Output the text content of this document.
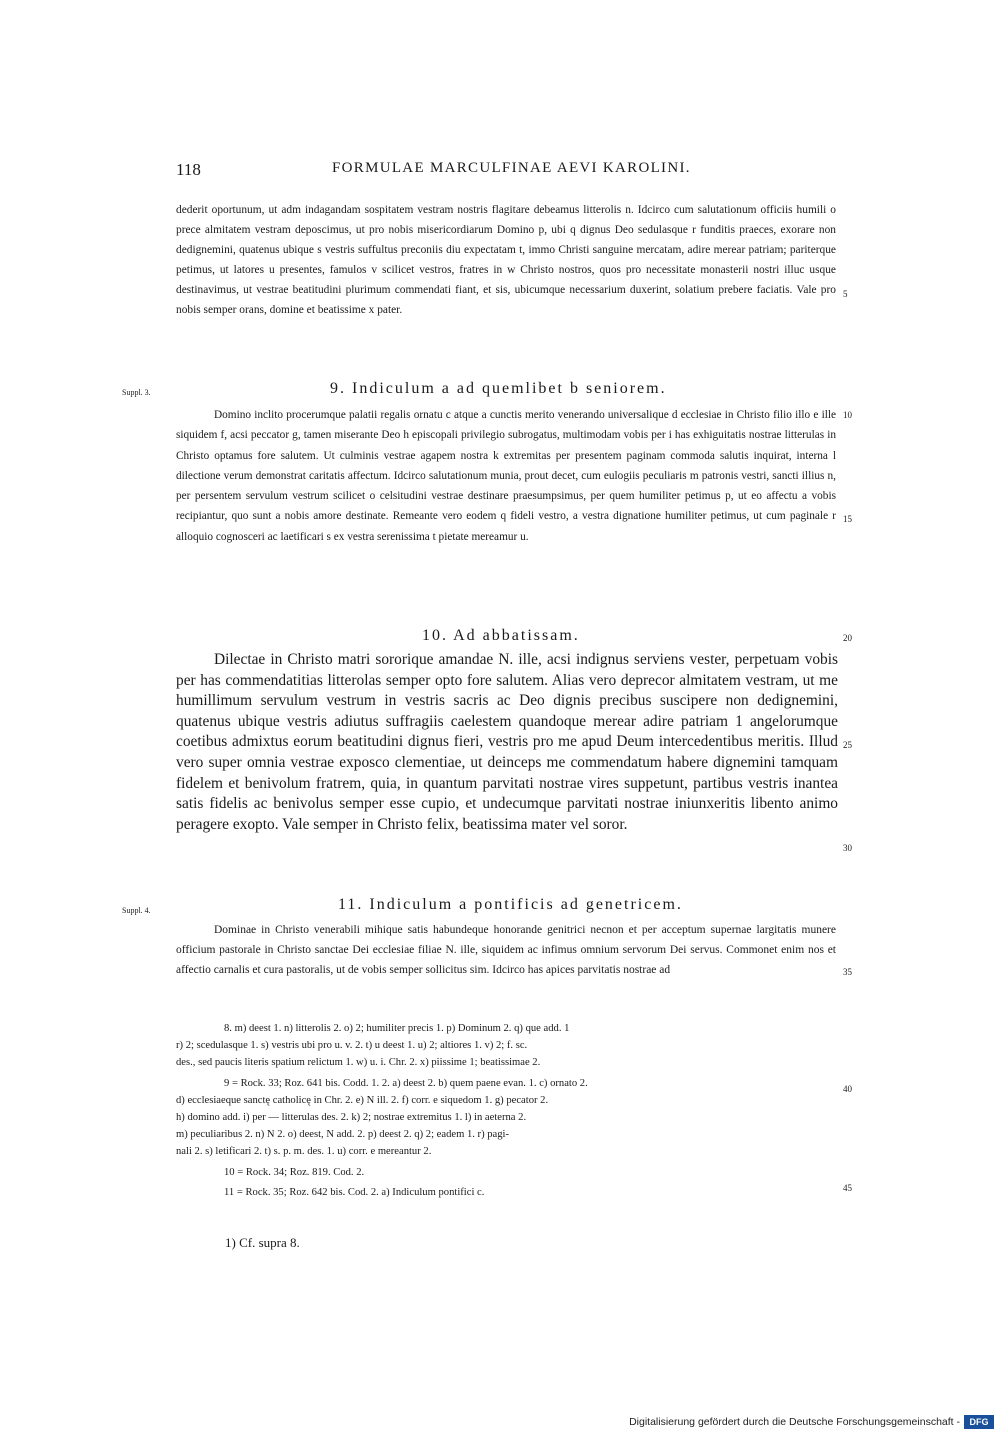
118	FORMULAE MARCULFINAE AEVI KAROLINI.

dederit oportunum, ut adm indagandam sospitatem vestram nostris flagitare debeamus litterolis n. Idcirco cum salutationum officiis humili o prece almitatem vestram deposcimus, ut pro nobis misericordiarum Domino p, ubi q dignus Deo sedulasque r funditis praeces, exorare non dedignemini, quatenus ubique s vestris suffultus preconiis diu expectatam t, immo Christi sanguine mercatam, adire merear patriam; pariterque petimus, ut latores u presentes, famulos v scilicet vestros, fratres in w Christo nostros, quos pro necessitate monasterii nostri illuc usque destinavimus, ut vestrae beatitudini plurimum commendati fiant, et sis, ubicumque necessarium duxerint, solatium prebere faciatis. Vale pro nobis semper orans, domine et beatissime x pater.

5
Suppl. 3.	9. Indiculum a ad quemlibet b seniorem.

Domino inclito procerumque palatii regalis ornatu c atque a cunctis merito venerando universalique d ecclesiae in Christo filio illo e ille siquidem f, acsi peccator g, tamen miserante Deo h episcopali privilegio subrogatus, multimodam vobis per i has exhiguitatis nostrae litterulas in Christo optamus fore salutem. Ut culminis vestrae agapem nostra k extremitas per presentem paginam commoda salutis inquirat, interna l dilectione verum demonstrat caritatis affectum. Idcirco salutationum munia, prout decet, cum eulogiis peculiaris m patronis vestri, sancti illius n, per persentem servulum vestrum scilicet o celsitudini vestrae destinare praesumpsimus, per quem humiliter petimus p, ut eo affectu a vobis recipiantur, quo sunt a nobis amore destinate. Remeante vero eodem q fideli vestro, a vestra dignatione humiliter petimus, ut cum paginale r alloquio cognosceri ac laetificari s ex vestra serenissima t pietate mereamur u.

10
15
10. Ad abbatissam.	20

Dilectae in Christo matri sororique amandae N. ille, acsi indignus serviens vester, perpetuam vobis per has commendatitias litterolas semper opto fore salutem. Alias vero deprecor almitatem vestram, ut me humillimum servulum vestrum in vestris sacris ac Deo dignis precibus suscipere non dedignemini, quatenus ubique vestris adiutus suffragiis caelestem quandoque merear adire patriam 1 angelorumque coetibus admixtus eorum beatitudini dignus fieri, vestris pro me apud Deum intercedentibus meritis. Illud vero super omnia vestrae exposco clementiae, ut deinceps me commendatum habere dignemini tamquam fidelem et benivolum fratrem, quia, in quantum parvitati nostrae vires suppetunt, partibus vestris inantea satis fidelis ac benivolus semper esse cupio, et undecumque parvitati nostrae iniunxeritis libento animo peragere exopto. Vale semper in Christo felix, beatissima mater vel soror.

25
30
Suppl. 4.	11. Indiculum a pontificis ad genetricem.

Dominae in Christo venerabili mihique satis habundeque honorande genitrici necnon et per acceptum supernae largitatis munere officium pastorale in Christo sanctae Dei ecclesiae filiae N. ille, siquidem ac infimus omnium servorum Dei servus. Commonet enim nos et affectio carnalis et cura pastoralis, ut de vobis semper sollicitus sim. Idcirco has apices parvitatis nostrae ad	35

8. m) deest 1. n) litterolis 2. o) 2; humiliter precis 1. p) Dominum 2. q) que add. 1

r) 2; scedulasque 1. s) vestris ubi pro u. v. 2. t) u deest 1. u) 2; altiores 1. v) 2; f. sc.

des., sed paucis literis spatium relictum 1. w) u. i. Chr. 2. x) piissime 1; beatissimae 2.

9 = Rock. 33; Roz. 641 bis. Codd. 1. 2. a) deest 2. b) quem paene evan. 1. c) ornato 2.

d) ecclesiaeque sanctę catholicę in Chr. 2. e) N ill. 2. f) corr. e siquedom 1. g) pecator 2.

h) domino add. i) per — litterulas des. 2. k) 2; nostrae extremitus 1. l) in aeterna 2.

m) peculiaribus 2. n) N 2. o) deest, N add. 2. p) deest 2. q) 2; eadem 1. r) pagi-

nali 2. s) letificari 2. t) s. p. m. des. 1. u) corr. e mereantur 2.

10 = Rock. 34; Roz. 819. Cod. 2.

11 = Rock. 35; Roz. 642 bis. Cod. 2. a) Indiculum pontifici c.

40
45
1) Cf. supra 8.
Digitalisierung gefördert durch die Deutsche Forschungsgemeinschaft -	DFG
